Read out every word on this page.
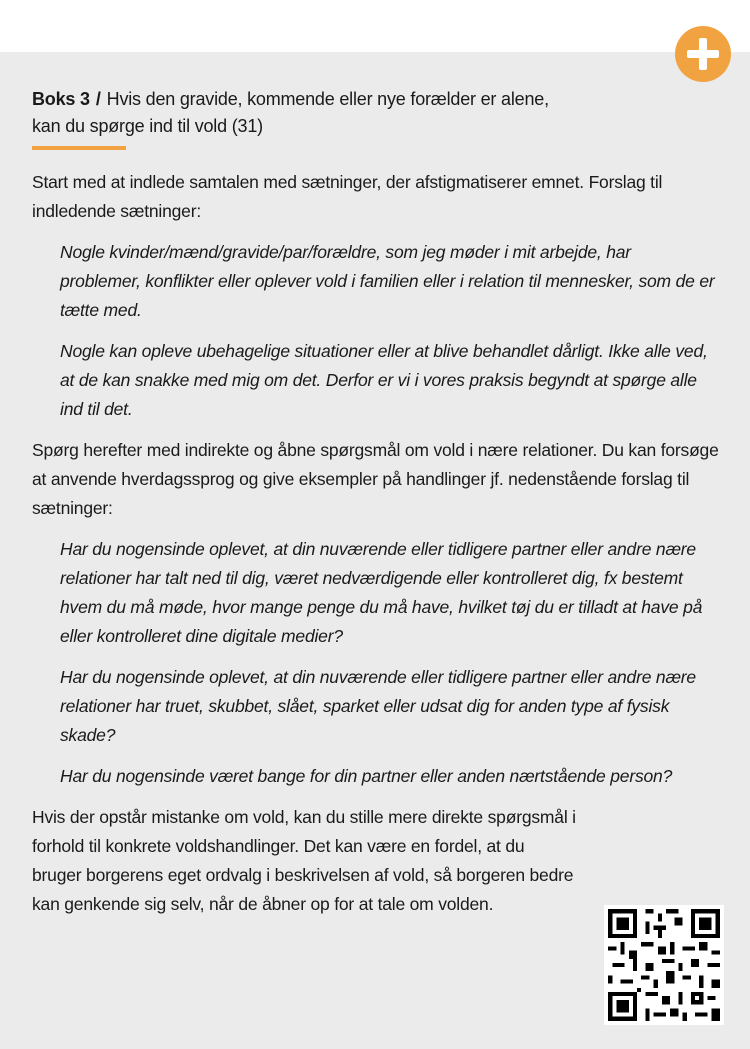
Boks 3 / Hvis den gravide, kommende eller nye forælder er alene,
kan du spørge ind til vold (31)

Start med at indlede samtalen med sætninger, der afstigmatiserer emnet. Forslag til indledende sætninger:

Nogle kvinder/mænd/gravide/par/forældre, som jeg møder i mit arbejde, har problemer, konflikter eller oplever vold i familien eller i relation til mennesker, som de er tætte med.

Nogle kan opleve ubehagelige situationer eller at blive behandlet dårligt. Ikke alle ved, at de kan snakke med mig om det. Derfor er vi i vores praksis begyndt at spørge alle ind til det.

Spørg herefter med indirekte og åbne spørgsmål om vold i nære relationer. Du kan forsøge at anvende hverdagssprog og give eksempler på handlinger jf. nedenstående forslag til sætninger:

Har du nogensinde oplevet, at din nuværende eller tidligere partner eller andre nære relationer har talt ned til dig, været nedværdigende eller kontrolleret dig, fx bestemt hvem du må møde, hvor mange penge du må have, hvilket tøj du er tilladt at have på eller kontrolleret dine digitale medier?

Har du nogensinde oplevet, at din nuværende eller tidligere partner eller andre nære relationer har truet, skubbet, slået, sparket eller udsat dig for anden type af fysisk skade?

Har du nogensinde været bange for din partner eller anden nærtstående person?

Hvis der opstår mistanke om vold, kan du stille mere direkte spørgsmål i forhold til konkrete voldshandlinger. Det kan være en fordel, at du bruger borgerens eget ordvalg i beskrivelsen af vold, så borgeren bedre kan genkende sig selv, når de åbner op for at tale om volden.
